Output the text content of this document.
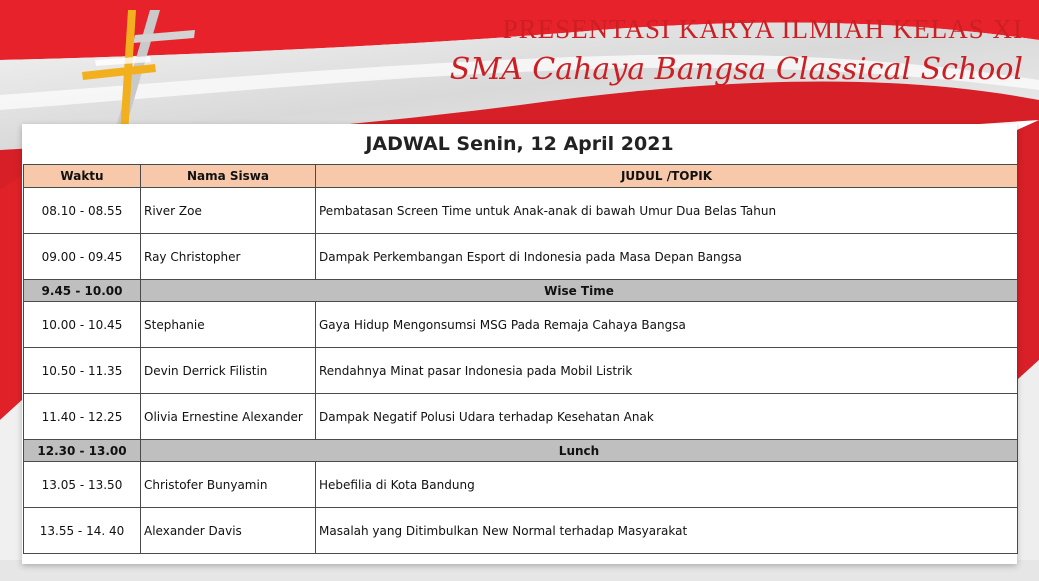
PRESENTASI KARYA ILMIAH KELAS XI
SMA Cahaya Bangsa Classical School
JADWAL Senin, 12 April 2021
Waktu	Nama Siswa	JUDUL /TOPIK
08.10 - 08.55	River Zoe	Pembatasan Screen Time untuk Anak-anak di bawah Umur Dua Belas Tahun
09.00 - 09.45	Ray Christopher	Dampak Perkembangan Esport di Indonesia pada Masa Depan Bangsa
9.45 - 10.00	Wise Time	
10.00 - 10.45	Stephanie	Gaya Hidup Mengonsumsi MSG Pada Remaja Cahaya Bangsa
10.50 - 11.35	Devin Derrick Filistin	Rendahnya Minat pasar Indonesia pada Mobil Listrik
11.40 - 12.25	Olivia Ernestine Alexander	Dampak Negatif Polusi Udara terhadap Kesehatan Anak
12.30 - 13.00	Lunch	
13.05 - 13.50	Christofer Bunyamin	Hebefilia di Kota Bandung
13.55 - 14. 40	Alexander Davis	Masalah yang Ditimbulkan New Normal terhadap Masyarakat
